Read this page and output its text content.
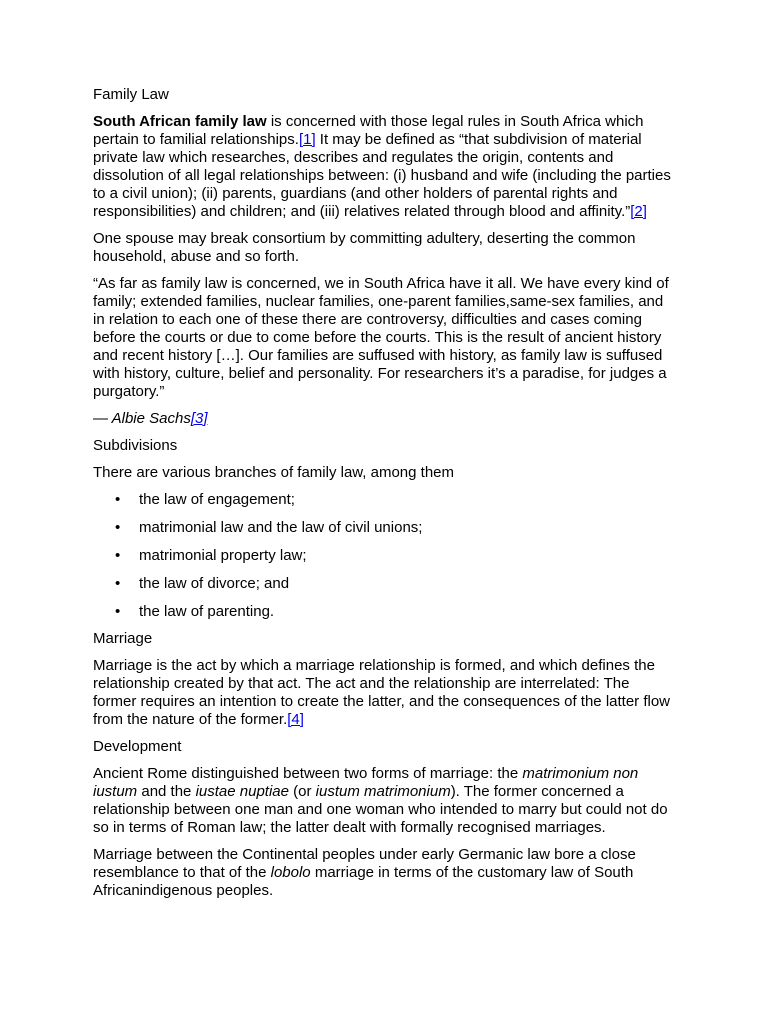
Family Law

South African family law is concerned with those legal rules in South Africa which pertain to familial relationships.[1] It may be defined as “that subdivision of material private law which researches, describes and regulates the origin, contents and dissolution of all legal relationships between: (i) husband and wife (including the parties to a civil union); (ii) parents, guardians (and other holders of parental rights and responsibilities) and children; and (iii) relatives related through blood and affinity.”[2]

One spouse may break consortium by committing adultery, deserting the common household, abuse and so forth.

“As far as family law is concerned, we in South Africa have it all. We have every kind of family; extended families, nuclear families, one-parent families,same-sex families, and in relation to each one of these there are controversy, difficulties and cases coming before the courts or due to come before the courts. This is the result of ancient history and recent history […]. Our families are suffused with history, as family law is suffused with history, culture, belief and personality. For researchers it’s a paradise, for judges a purgatory.”

— Albie Sachs[3]

Subdivisions

There are various branches of family law, among them

• the law of engagement;
• matrimonial law and the law of civil unions;
• matrimonial property law;
• the law of divorce; and
• the law of parenting.

Marriage

Marriage is the act by which a marriage relationship is formed, and which defines the relationship created by that act. The act and the relationship are interrelated: The former requires an intention to create the latter, and the consequences of the latter flow from the nature of the former.[4]

Development

Ancient Rome distinguished between two forms of marriage: the matrimonium non iustum and the iustae nuptiae (or iustum matrimonium). The former concerned a relationship between one man and one woman who intended to marry but could not do so in terms of Roman law; the latter dealt with formally recognised marriages.

Marriage between the Continental peoples under early Germanic law bore a close resemblance to that of the lobolo marriage in terms of the customary law of South Africanindigenous peoples.
